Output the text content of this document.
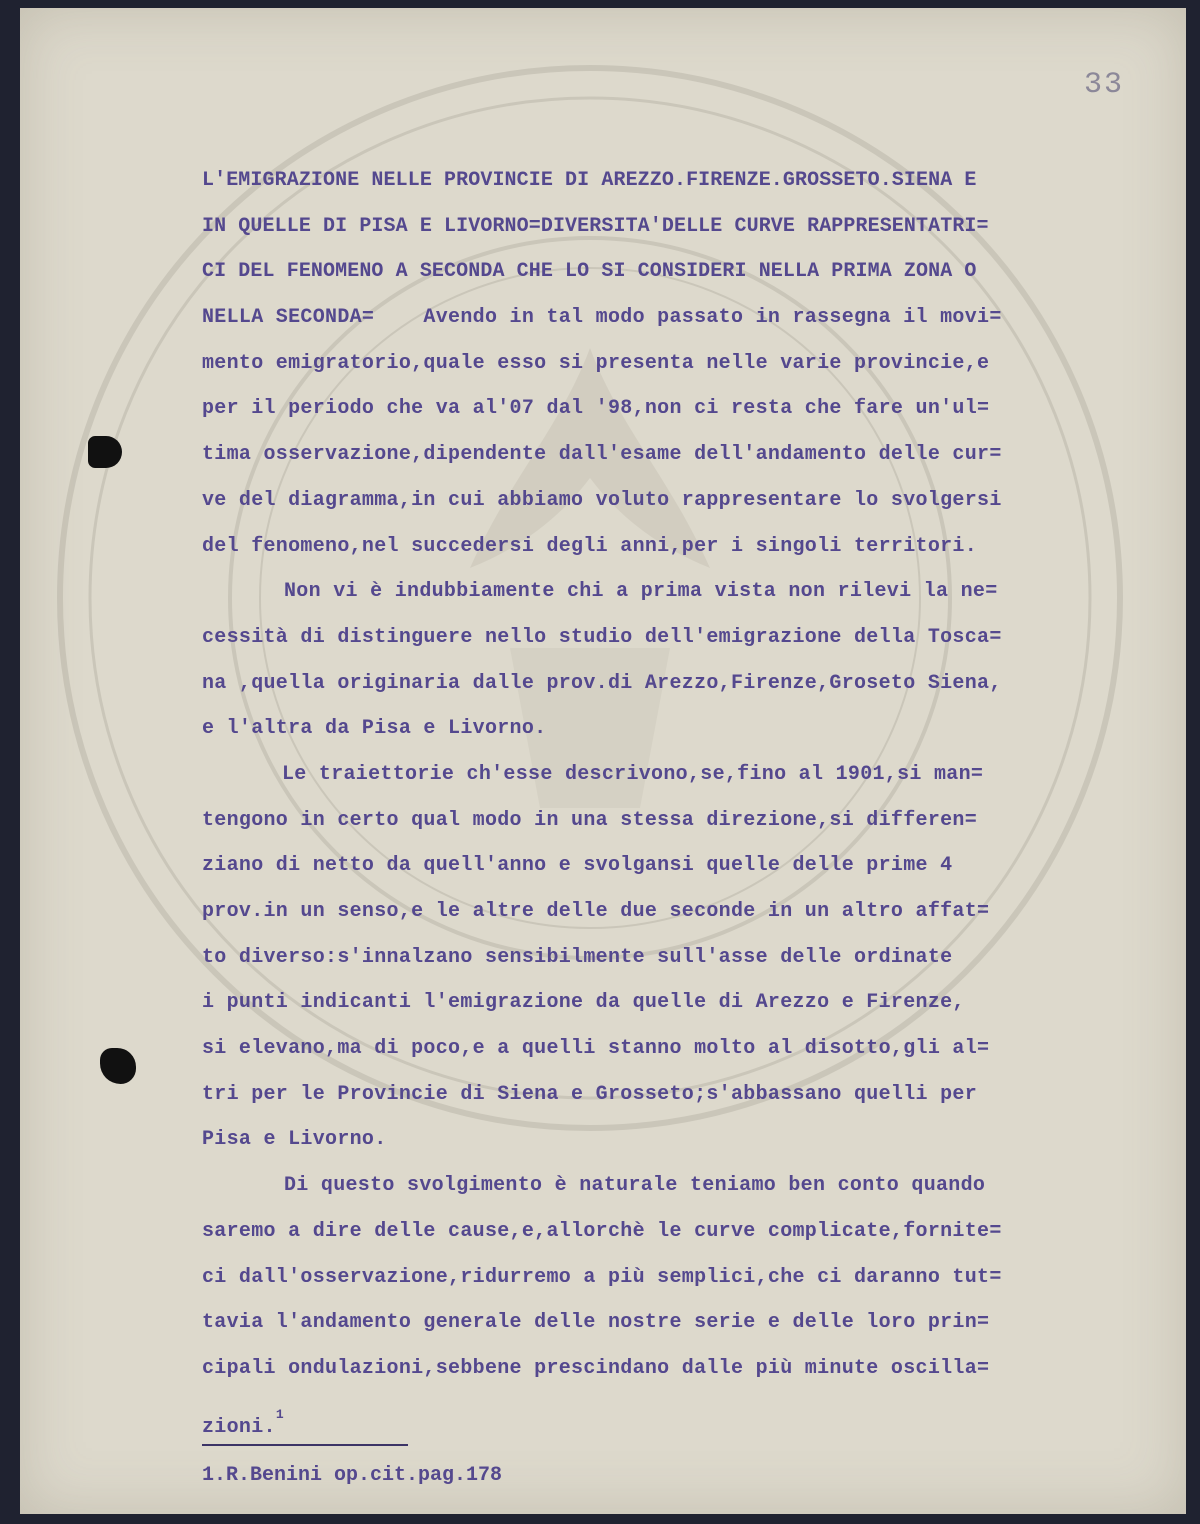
33
L'EMIGRAZIONE NELLE PROVINCIE DI AREZZO.FIRENZE.GROSSETO.SIENA E
IN QUELLE DI PISA E LIVORNO=DIVERSITA'DELLE CURVE RAPPRESENTATRI=
CI DEL FENOMENO A SECONDA CHE LO SI CONSIDERI NELLA PRIMA ZONA O
NELLA SECONDA=    Avendo in tal modo passato in rassegna il movi=
mento emigratorio,quale esso si presenta nelle varie provincie,e
per il periodo che va al'07 dal '98,non ci resta che fare un'ul=
tima osservazione,dipendente dall'esame dell'andamento delle cur=
ve del diagramma,in cui abbiamo voluto rappresentare lo svolgersi
del fenomeno,nel succedersi degli anni,per i singoli territori.
Non vi è indubbiamente chi a prima vista non rilevi la ne=
cessità di distinguere nello studio dell'emigrazione della Tosca=
na ,quella originaria dalle prov.di Arezzo,Firenze,Groseto Siena,
e l'altra da Pisa e Livorno.
Le traiettorie ch'esse descrivono,se,fino al 1901,si man=
tengono in certo qual modo in una stessa direzione,si differen=
ziano di netto da quell'anno e svolgansi quelle delle prime 4
prov.in un senso,e le altre delle due seconde in un altro affat=
to diverso:s'innalzano sensibilmente sull'asse delle ordinate
i punti indicanti l'emigrazione da quelle di Arezzo e Firenze,
si elevano,ma di poco,e a quelli stanno molto al disotto,gli al=
tri per le Provincie di Siena e Grosseto;s'abbassano quelli per
Pisa e Livorno.
Di questo svolgimento è naturale teniamo ben conto quando
saremo a dire delle cause,e,allorchè le curve complicate,fornite=
ci dall'osservazione,ridurremo a più semplici,che ci daranno tut=
tavia l'andamento generale delle nostre serie e delle loro prin=
cipali ondulazioni,sebbene prescindano dalle più minute oscilla=
zioni.$^1$
1.R.Benini op.cit.pag.178
